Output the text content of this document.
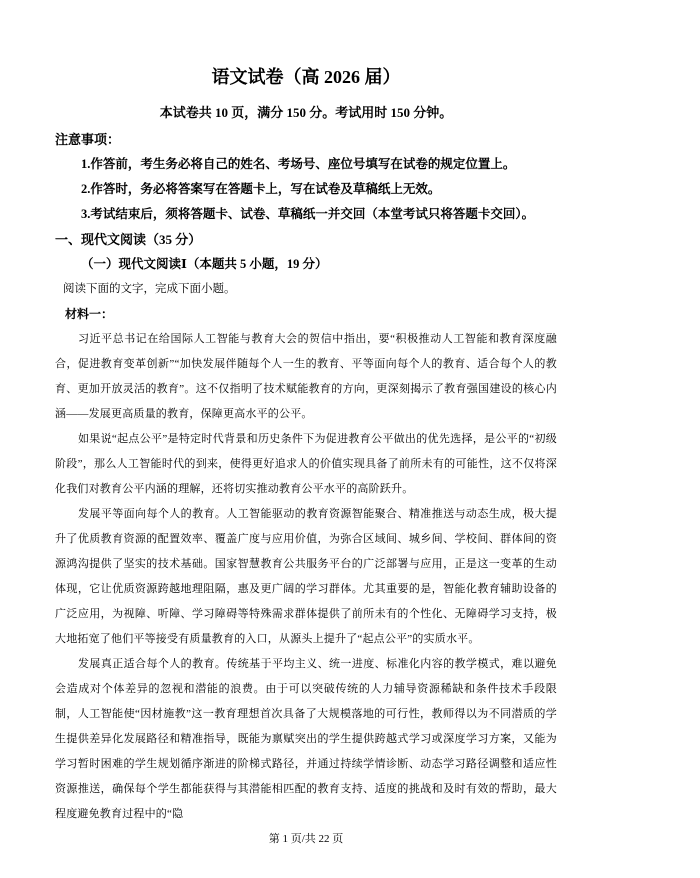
语文试卷（高 2026 届）
本试卷共 10 页，满分 150 分。考试用时 150 分钟。
注意事项：
1.作答前，考生务必将自己的姓名、考场号、座位号填写在试卷的规定位置上。
2.作答时，务必将答案写在答题卡上，写在试卷及草稿纸上无效。
3.考试结束后，须将答题卡、试卷、草稿纸一并交回（本堂考试只将答题卡交回）。
一、现代文阅读（35 分）
（一）现代文阅读Ⅰ（本题共 5 小题，19 分）
阅读下面的文字，完成下面小题。
材料一：

习近平总书记在给国际人工智能与教育大会的贺信中指出，要“积极推动人工智能和教育深度融合，促进教育变革创新”“加快发展伴随每个人一生的教育、平等面向每个人的教育、适合每个人的教育、更加开放灵活的教育”。这不仅指明了技术赋能教育的方向，更深刻揭示了教育强国建设的核心内涵——发展更高质量的教育，保障更高水平的公平。

如果说“起点公平”是特定时代背景和历史条件下为促进教育公平做出的优先选择，是公平的“初级阶段”，那么人工智能时代的到来，使得更好追求人的价值实现具备了前所未有的可能性，这不仅将深化我们对教育公平内涵的理解，还将切实推动教育公平水平的高阶跃升。

发展平等面向每个人的教育。人工智能驱动的教育资源智能聚合、精准推送与动态生成，极大提升了优质教育资源的配置效率、覆盖广度与应用价值，为弥合区域间、城乡间、学校间、群体间的资源鸿沟提供了坚实的技术基础。国家智慧教育公共服务平台的广泛部署与应用，正是这一变革的生动体现，它让优质资源跨越地理阻隔，惠及更广阔的学习群体。尤其重要的是，智能化教育辅助设备的广泛应用，为视障、听障、学习障碍等特殊需求群体提供了前所未有的个性化、无障碍学习支持，极大地拓宽了他们平等接受有质量教育的入口，从源头上提升了“起点公平”的实质水平。

发展真正适合每个人的教育。传统基于平均主义、统一进度、标准化内容的教学模式，难以避免会造成对个体差异的忽视和潜能的浪费。由于可以突破传统的人力辅导资源稀缺和条件技术手段限制，人工智能使“因材施教”这一教育理想首次具备了大规模落地的可行性，教师得以为不同潜质的学生提供差异化发展路径和精准指导，既能为禀赋突出的学生提供跨越式学习或深度学习方案，又能为学习暂时困难的学生规划循序渐进的阶梯式路径，并通过持续学情诊断、动态学习路径调整和适应性资源推送，确保每个学生都能获得与其潜能相匹配的教育支持、适度的挑战和及时有效的帮助，最大程度避免教育过程中的“隐

第 1 页/共 22 页
